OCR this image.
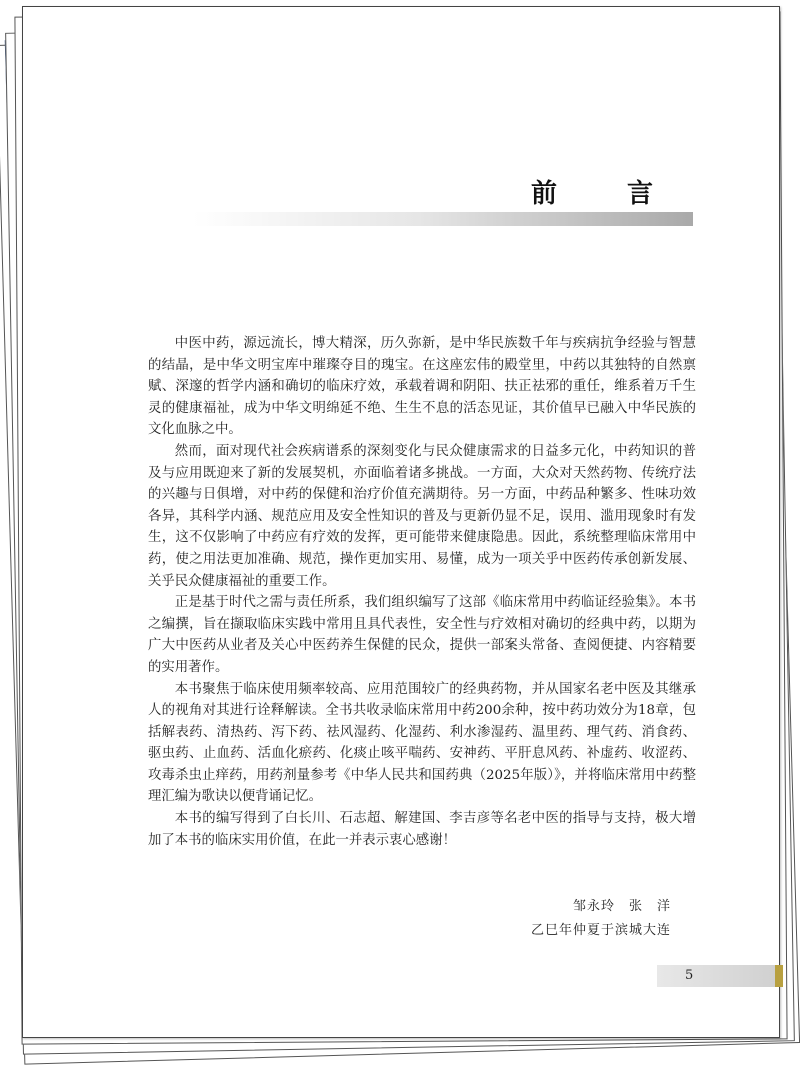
前　言

中医中药，源远流长，博大精深，历久弥新，是中华民族数千年与疾病抗争经验与智慧的结晶，是中华文明宝库中璀璨夺目的瑰宝。在这座宏伟的殿堂里，中药以其独特的自然禀赋、深邃的哲学内涵和确切的临床疗效，承载着调和阴阳、扶正祛邪的重任，维系着万千生灵的健康福祉，成为中华文明绵延不绝、生生不息的活态见证，其价值早已融入中华民族的文化血脉之中。

然而，面对现代社会疾病谱系的深刻变化与民众健康需求的日益多元化，中药知识的普及与应用既迎来了新的发展契机，亦面临着诸多挑战。一方面，大众对天然药物、传统疗法的兴趣与日俱增，对中药的保健和治疗价值充满期待。另一方面，中药品种繁多、性味功效各异，其科学内涵、规范应用及安全性知识的普及与更新仍显不足，误用、滥用现象时有发生，这不仅影响了中药应有疗效的发挥，更可能带来健康隐患。因此，系统整理临床常用中药，使之用法更加准确、规范，操作更加实用、易懂，成为一项关乎中医药传承创新发展、关乎民众健康福祉的重要工作。

正是基于时代之需与责任所系，我们组织编写了这部《临床常用中药临证经验集》。本书之编撰，旨在撷取临床实践中常用且具代表性，安全性与疗效相对确切的经典中药，以期为广大中医药从业者及关心中医药养生保健的民众，提供一部案头常备、查阅便捷、内容精要的实用著作。

本书聚焦于临床使用频率较高、应用范围较广的经典药物，并从国家名老中医及其继承人的视角对其进行诠释解读。全书共收录临床常用中药200余种，按中药功效分为18章，包括解表药、清热药、泻下药、祛风湿药、化湿药、利水渗湿药、温里药、理气药、消食药、驱虫药、止血药、活血化瘀药、化痰止咳平喘药、安神药、平肝息风药、补虚药、收涩药、攻毒杀虫止痒药，用药剂量参考《中华人民共和国药典（2025年版）》，并将临床常用中药整理汇编为歌诀以便背诵记忆。

本书的编写得到了白长川、石志超、解建国、李吉彦等名老中医的指导与支持，极大增加了本书的临床实用价值，在此一并表示衷心感谢！

邹永玲　张　洋
乙巳年仲夏于滨城大连
5
